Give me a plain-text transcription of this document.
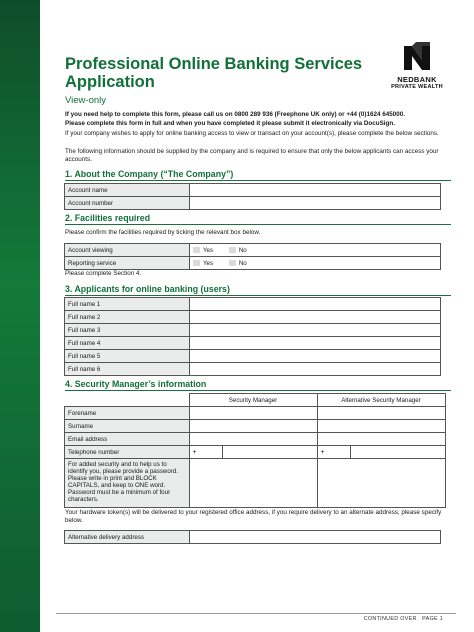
Professional Online Banking Services Application
View-only
NEDBANK
PRIVATE WEALTH
If you need help to complete this form, please call us on 0800 289 936 (Freephone UK only) or +44 (0)1624 645000.
Please complete this form in full and when you have completed it please submit it electronically via DocuSign.
If your company wishes to apply for online banking access to view or transact on your account(s), please complete the below sections.
The following information should be supplied by the company and is required to ensure that only the below applicants can access your accounts.
1. About the Company (“The Company”)
Account name	
Account number	
2. Facilities required
Please confirm the facilities required by ticking the relevant box below.
Account viewing	Yes No
Reporting service	Yes No
Please complete Section 4.
3. Applicants for online banking (users)
Full name 1	
Full name 2	
Full name 3	
Full name 4	
Full name 5	
Full name 6	
4. Security Manager’s information
	Security Manager		Alternative Security Manager	
Forename				
Surname				
Email address				
Telephone number	+		+	
For added security and to help us to identify you, please provide a password. Please write in print and BLOCK CAPITALS, and keep to ONE word. Password must be a minimum of four characters.				
Your hardware token(s) will be delivered to your registered office address, if you require delivery to an alternate address, please specify below.
Alternative delivery address	
CONTINUED OVER PAGE 1
